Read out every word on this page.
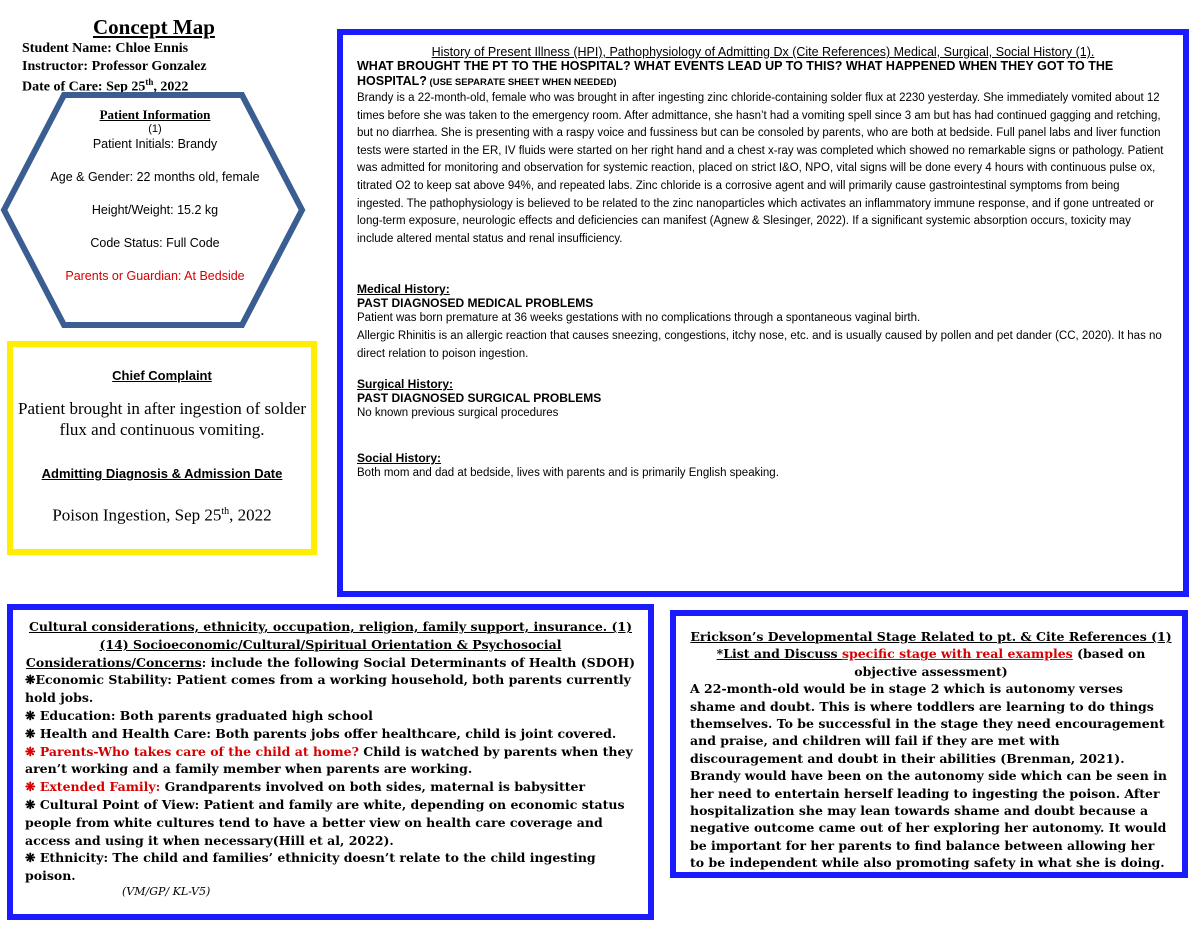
Concept Map
Student Name: Chloe Ennis
Instructor: Professor Gonzalez
Date of Care: Sep 25th, 2022

Patient Information

(1)

Patient Initials: Brandy

Age & Gender: 22 months old, female

Height/Weight: 15.2 kg

Code Status: Full Code

Parents or Guardian: At Bedside

Chief Complaint
Patient brought in after ingestion of solder flux and continuous vomiting.
Admitting Diagnosis & Admission Date
Poison Ingestion, Sep 25th, 2022
History of Present Illness (HPI), Pathophysiology of Admitting Dx (Cite References) Medical, Surgical, Social History (1).
WHAT BROUGHT THE PT TO THE HOSPITAL? WHAT EVENTS LEAD UP TO THIS? WHAT HAPPENED WHEN THEY GOT TO THE HOSPITAL? (USE SEPARATE SHEET WHEN NEEDED)
Brandy is a 22-month-old, female who was brought in after ingesting zinc chloride-containing solder flux at 2230 yesterday. She immediately vomited about 12 times before she was taken to the emergency room. After admittance, she hasn’t had a vomiting spell since 3 am but has had continued gagging and retching, but no diarrhea. She is presenting with a raspy voice and fussiness but can be consoled by parents, who are both at bedside. Full panel labs and liver function tests were started in the ER, IV fluids were started on her right hand and a chest x-ray was completed which showed no remarkable signs or pathology. Patient was admitted for monitoring and observation for systemic reaction, placed on strict I&O, NPO, vital signs will be done every 4 hours with continuous pulse ox, titrated O2 to keep sat above 94%, and repeated labs. Zinc chloride is a corrosive agent and will primarily cause gastrointestinal symptoms from being ingested. The pathophysiology is believed to be related to the zinc nanoparticles which activates an inflammatory immune response, and if gone untreated or long-term exposure, neurologic effects and deficiencies can manifest (Agnew & Slesinger, 2022). If a significant systemic absorption occurs, toxicity may include altered mental status and renal insufficiency.
Medical History:
PAST DIAGNOSED MEDICAL PROBLEMS
Patient was born premature at 36 weeks gestations with no complications through a spontaneous vaginal birth.
Allergic Rhinitis is an allergic reaction that causes sneezing, congestions, itchy nose, etc. and is usually caused by pollen and pet dander (CC, 2020). It has no direct relation to poison ingestion.
Surgical History:
PAST DIAGNOSED SURGICAL PROBLEMS
No known previous surgical procedures
Social History:
Both mom and dad at bedside, lives with parents and is primarily English speaking.
Cultural considerations, ethnicity, occupation, religion, family support, insurance. (1)
(14) Socioeconomic/Cultural/Spiritual Orientation & Psychosocial
Considerations/Concerns: include the following Social Determinants of Health (SDOH)
❋Economic Stability: Patient comes from a working household, both parents currently hold jobs.
❋ Education: Both parents graduated high school
❋ Health and Health Care: Both parents jobs offer healthcare, child is joint covered.
❋ Parents-Who takes care of the child at home? Child is watched by parents when they aren’t working and a family member when parents are working.
❋ Extended Family: Grandparents involved on both sides, maternal is babysitter
❋ Cultural Point of View: Patient and family are white, depending on economic status people from white cultures tend to have a better view on health care coverage and access and using it when necessary(Hill et al, 2022).
❋ Ethnicity: The child and families’ ethnicity doesn’t relate to the child ingesting poison.
(VM/GP/ KL-V5)
Erickson’s Developmental Stage Related to pt. & Cite References (1) *List and Discuss specific stage with real examples (based on objective assessment)
A 22-month-old would be in stage 2 which is autonomy verses shame and doubt. This is where toddlers are learning to do things themselves. To be successful in the stage they need encouragement and praise, and children will fail if they are met with discouragement and doubt in their abilities (Brenman, 2021). Brandy would have been on the autonomy side which can be seen in her need to entertain herself leading to ingesting the poison. After hospitalization she may lean towards shame and doubt because a negative outcome came out of her exploring her autonomy. It would be important for her parents to find balance between allowing her to be independent while also promoting safety in what she is doing.
